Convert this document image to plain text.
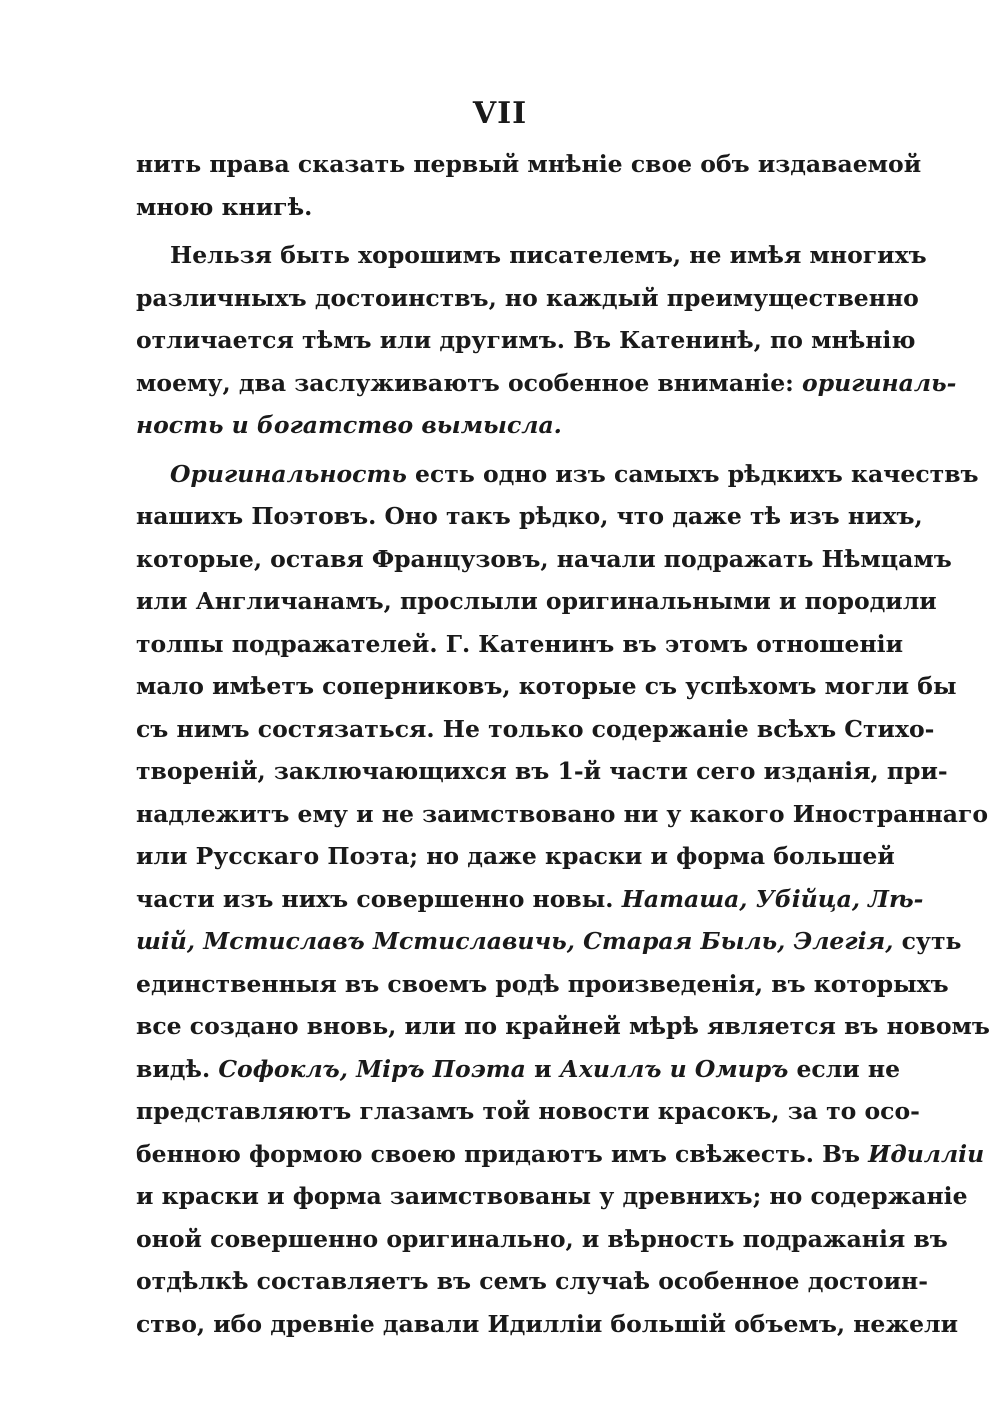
VII
нить права сказать первый мнѣніе свое объ издаваемой
мною книгѣ.
Нельзя быть хорошимъ писателемъ, не имѣя многихъ
различныхъ достоинствъ, но каждый преимущественно
отличается тѣмъ или другимъ. Въ Катенинѣ, по мнѣнію
моему, два заслуживаютъ особенное вниманіе: оригиналь-
ность и богатство вымысла.
Оригинальность есть одно изъ самыхъ рѣдкихъ качествъ
нашихъ Поэтовъ. Оно такъ рѣдко, что даже тѣ изъ нихъ,
которые, оставя Французовъ, начали подражать Нѣмцамъ
или Англичанамъ, прослыли оригинальными и породили
толпы подражателей. Г. Катенинъ въ этомъ отношеніи
мало имѣетъ соперниковъ, которые съ успѣхомъ могли бы
съ нимъ состязаться. Не только содержаніе всѣхъ Стихо-
твореній, заключающихся въ 1-й части сего изданія, при-
надлежитъ ему и не заимствовано ни у какого Иностраннаго
или Русскаго Поэта; но даже краски и форма большей
части изъ нихъ совершенно новы. Наташа, Убійца, Лѣ-
шій, Мстиславъ Мстиславичь, Старая Быль, Элегія, суть
единственныя въ своемъ родѣ произведенія, въ которыхъ
все создано вновь, или по крайней мѣрѣ является въ новомъ
видѣ. Софоклъ, Міръ Поэта и Ахиллъ и Омиръ если не
представляютъ глазамъ той новости красокъ, за то осо-
бенною формою своею придаютъ имъ свѣжесть. Въ Идилліи
и краски и форма заимствованы у древнихъ; но содержаніе
оной совершенно оригинально, и вѣрность подражанія въ
отдѣлкѣ составляетъ въ семъ случаѣ особенное достоин-
ство, ибо древніе давали Идилліи большій объемъ, нежели
